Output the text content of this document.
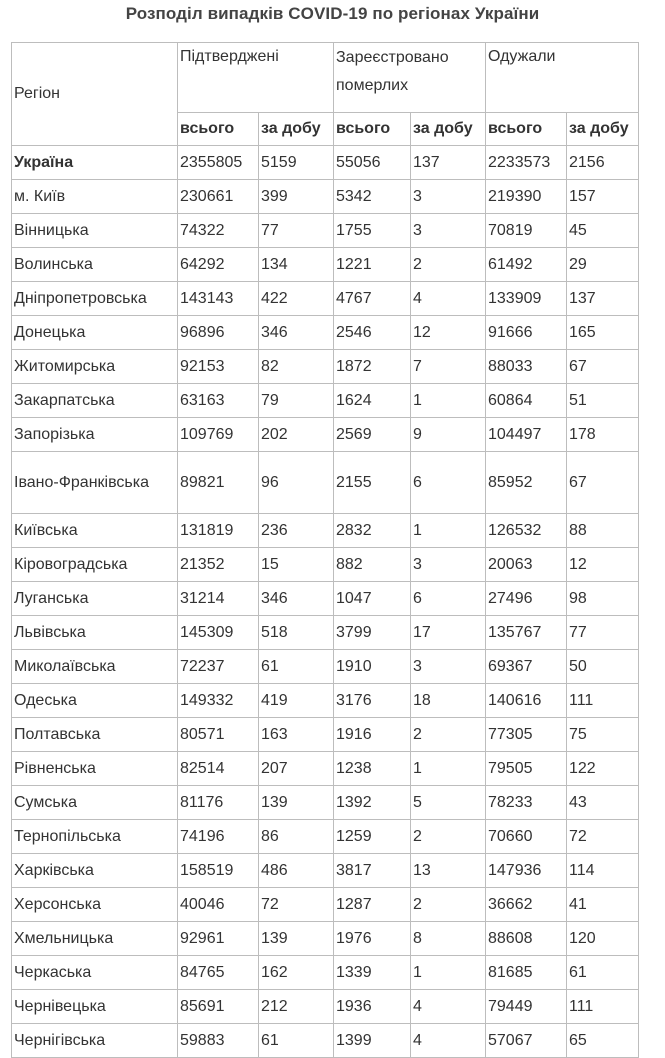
Розподіл випадків COVID-19 по регіонах України
Регіон	Підтверджені		Зареєстровано померлих		Одужали	
	всього	за добу	всього	за добу	всього	за добу
Україна	2355805	5159	55056	137	2233573	2156
м. Київ	230661	399	5342	3	219390	157
Вінницька	74322	77	1755	3	70819	45
Волинська	64292	134	1221	2	61492	29
Дніпропетровська	143143	422	4767	4	133909	137
Донецька	96896	346	2546	12	91666	165
Житомирська	92153	82	1872	7	88033	67
Закарпатська	63163	79	1624	1	60864	51
Запорізька	109769	202	2569	9	104497	178
Івано-Франківська	89821	96	2155	6	85952	67
Київська	131819	236	2832	1	126532	88
Кіровоградська	21352	15	882	3	20063	12
Луганська	31214	346	1047	6	27496	98
Львівська	145309	518	3799	17	135767	77
Миколаївська	72237	61	1910	3	69367	50
Одеська	149332	419	3176	18	140616	111
Полтавська	80571	163	1916	2	77305	75
Рівненська	82514	207	1238	1	79505	122
Сумська	81176	139	1392	5	78233	43
Тернопільська	74196	86	1259	2	70660	72
Харківська	158519	486	3817	13	147936	114
Херсонська	40046	72	1287	2	36662	41
Хмельницька	92961	139	1976	8	88608	120
Черкаська	84765	162	1339	1	81685	61
Чернівецька	85691	212	1936	4	79449	111
Чернігівська	59883	61	1399	4	57067	65
